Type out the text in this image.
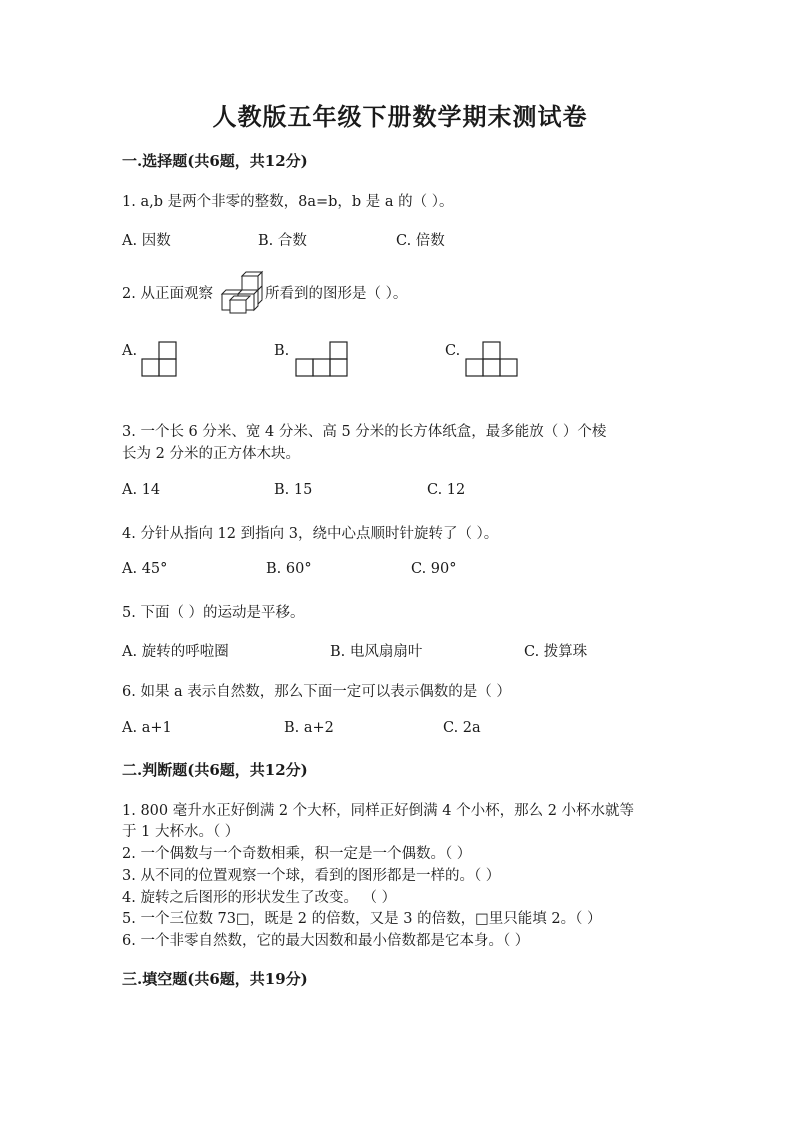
人教版五年级下册数学期末测试卷
一.选择题(共6题，共12分)
1. a,b 是两个非零的整数，8a=b，b 是 a 的（ ）。
A. 因数	B. 合数	C. 倍数
2. 从正面观察	所看到的图形是（ ）。
A.	B.	C.
3. 一个长 6 分米、宽 4 分米、高 5 分米的长方体纸盒，最多能放（ ）个棱
长为 2 分米的正方体木块。
A. 14	B. 15	C. 12
4. 分针从指向 12 到指向 3，绕中心点顺时针旋转了（ ）。
A. 45°	B. 60°	C. 90°
5. 下面（ ）的运动是平移。
A. 旋转的呼啦圈	B. 电风扇扇叶	C. 拨算珠
6. 如果 a 表示自然数，那么下面一定可以表示偶数的是（ ）
A. a+1	B. a+2	C. 2a
二.判断题(共6题，共12分)
1. 800 毫升水正好倒满 2 个大杯，同样正好倒满 4 个小杯，那么 2 小杯水就等
于 1 大杯水。（ ）
2. 一个偶数与一个奇数相乘，积一定是一个偶数。（ ）
3. 从不同的位置观察一个球，看到的图形都是一样的。（ ）
4. 旋转之后图形的形状发生了改变。 （ ）
5. 一个三位数 73□，既是 2 的倍数，又是 3 的倍数，□里只能填 2。（ ）
6. 一个非零自然数，它的最大因数和最小倍数都是它本身。（ ）
三.填空题(共6题，共19分)
